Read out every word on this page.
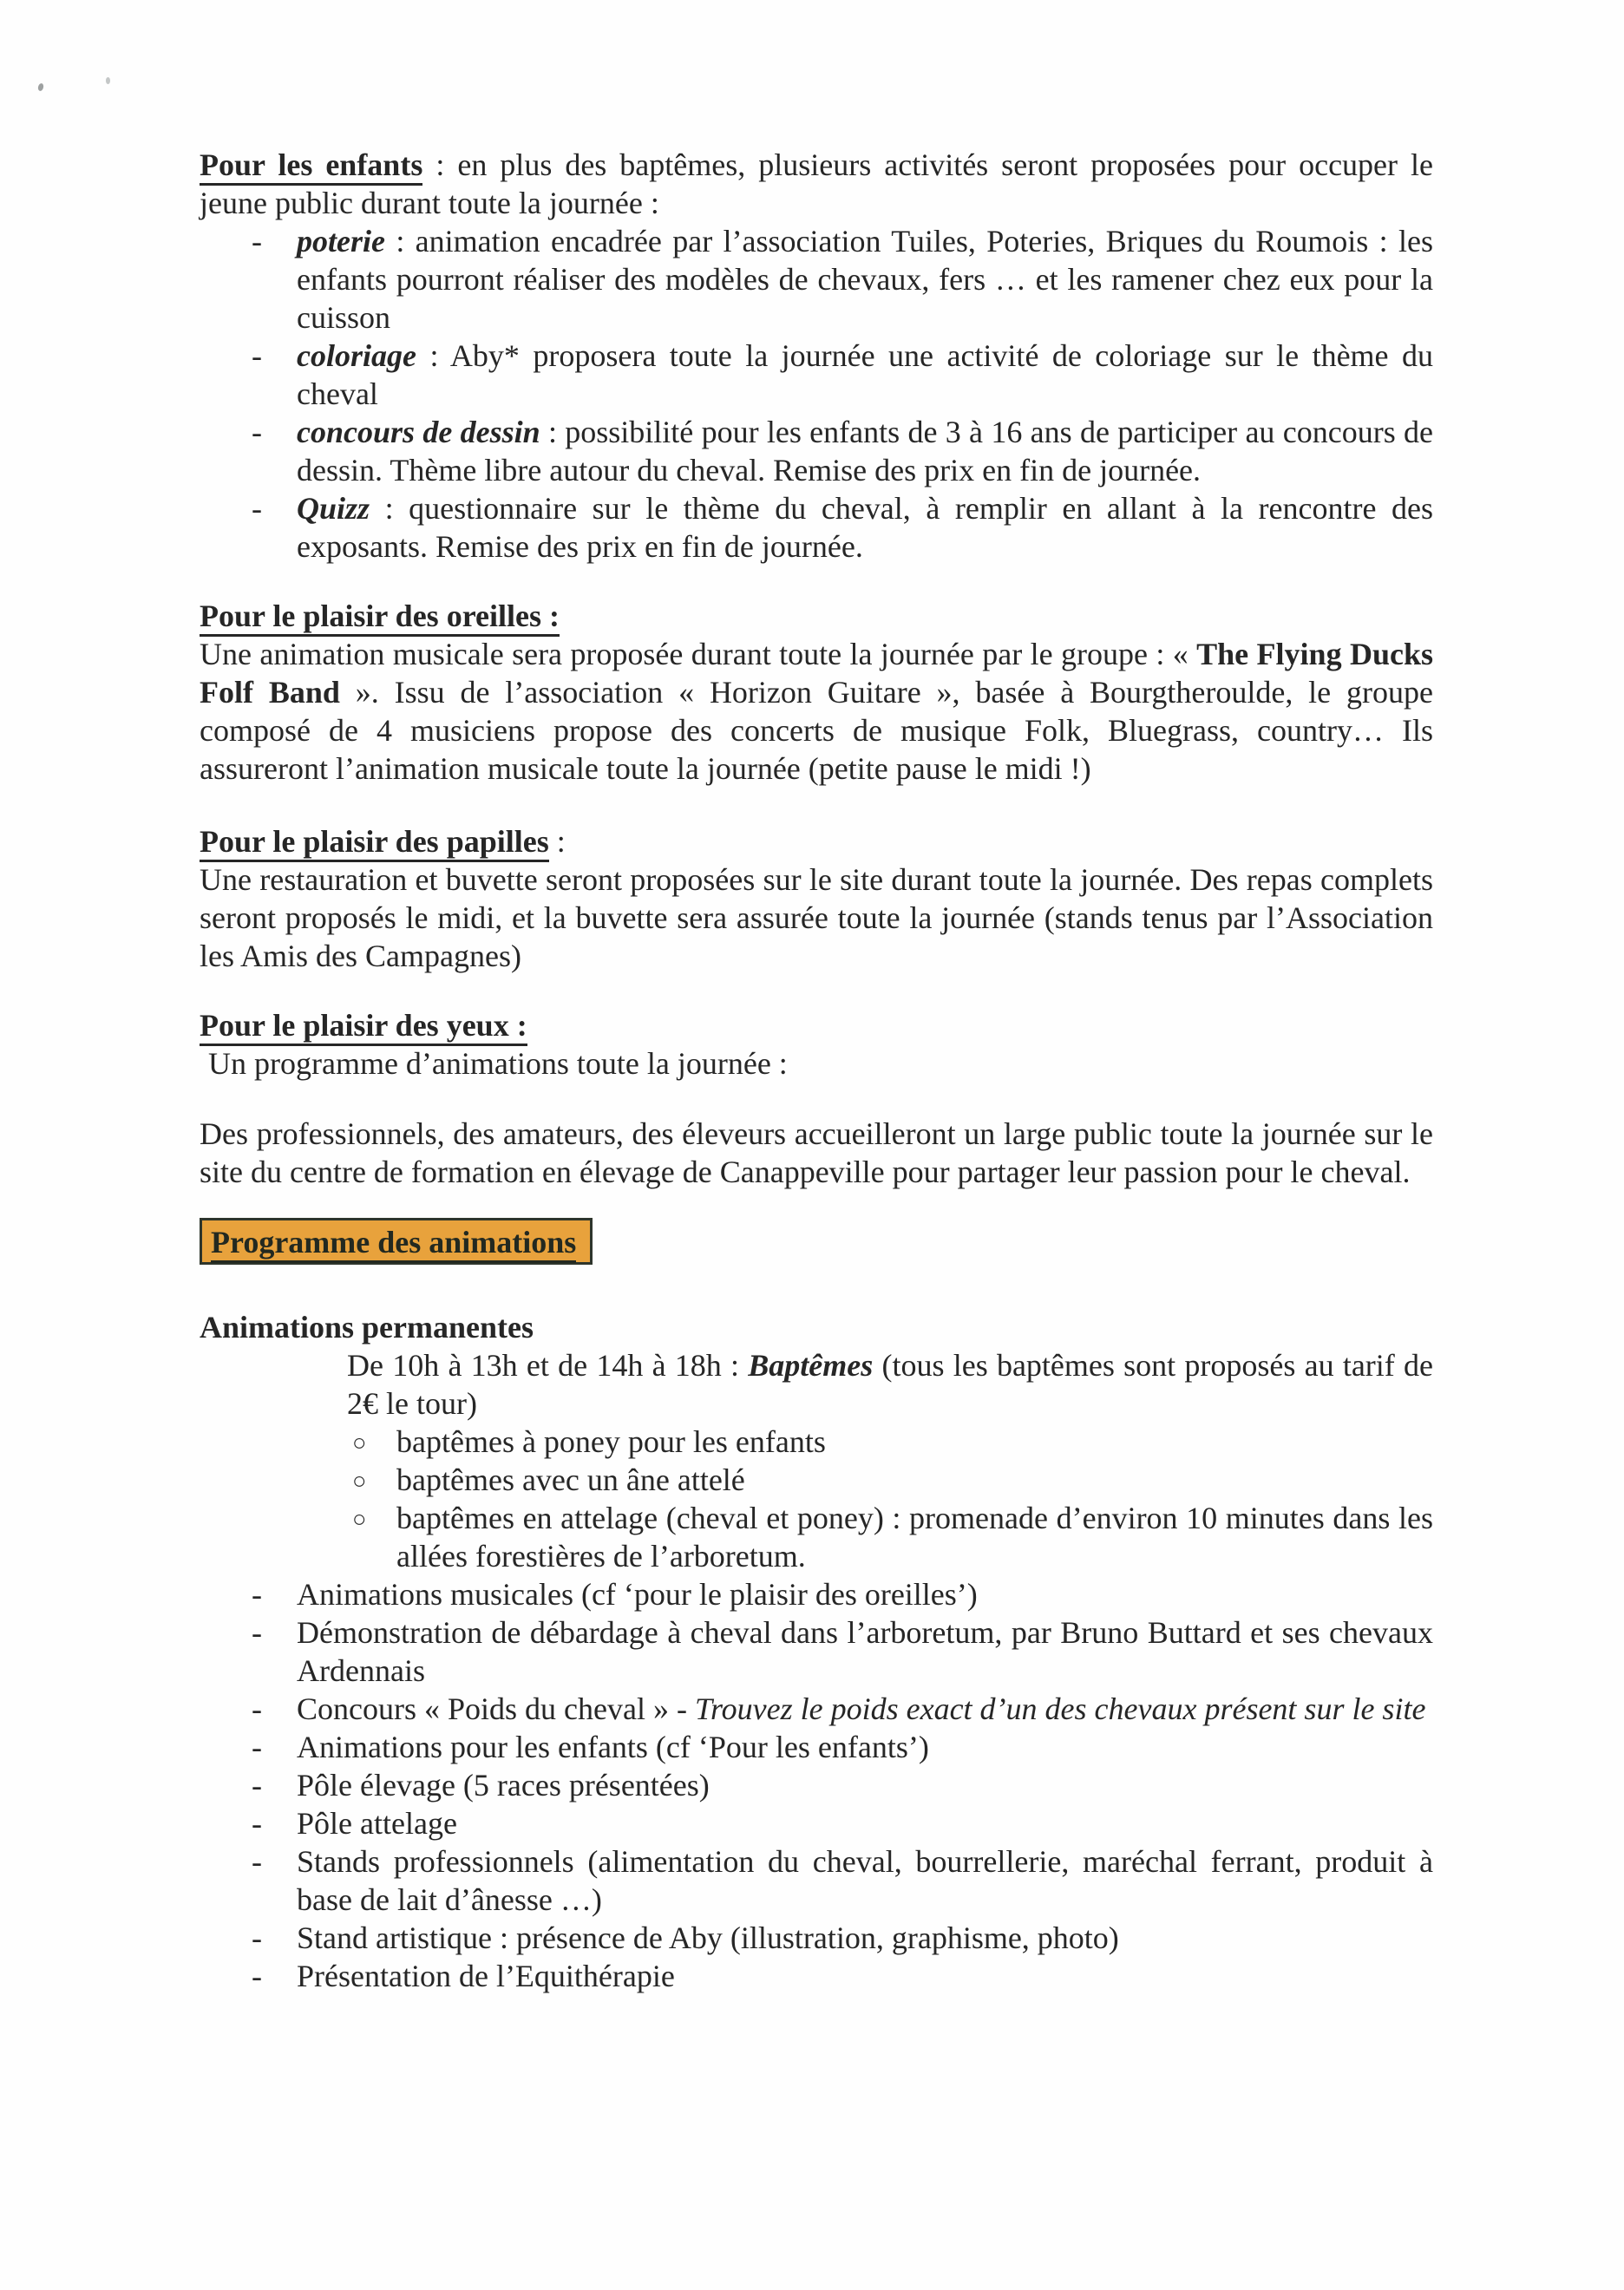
Pour les enfants : en plus des baptêmes, plusieurs activités seront proposées pour occuper le jeune public durant toute la journée :
- poterie : animation encadrée par l’association Tuiles, Poteries, Briques du Roumois : les enfants pourront réaliser des modèles de chevaux, fers … et les ramener chez eux pour la cuisson
- coloriage : Aby* proposera toute la journée une activité de coloriage sur le thème du cheval
- concours de dessin : possibilité pour les enfants de 3 à 16 ans de participer au concours de dessin. Thème libre autour du cheval. Remise des prix en fin de journée.
- Quizz : questionnaire sur le thème du cheval, à remplir en allant à la rencontre des exposants. Remise des prix en fin de journée.
Pour le plaisir des oreilles :
Une animation musicale sera proposée durant toute la journée par le groupe : « The Flying Ducks Folf Band ». Issu de l’association « Horizon Guitare », basée à Bourgtheroulde, le groupe composé de 4 musiciens propose des concerts de musique Folk, Bluegrass, country… Ils assureront l’animation musicale toute la journée (petite pause le midi !)
Pour le plaisir des papilles :
Une restauration et buvette seront proposées sur le site durant toute la journée. Des repas complets seront proposés le midi, et la buvette sera assurée toute la journée (stands tenus par l’Association les Amis des Campagnes)
Pour le plaisir des yeux :
Un programme d’animations toute la journée :
Des professionnels, des amateurs, des éleveurs accueilleront un large public toute la journée sur le site du centre de formation en élevage de Canappeville pour partager leur passion pour le cheval.
Programme des animations
Animations permanentes
De 10h à 13h et de 14h à 18h : Baptêmes (tous les baptêmes sont proposés au tarif de 2€ le tour)
○ baptêmes à poney pour les enfants
○ baptêmes avec un âne attelé
○ baptêmes en attelage (cheval et poney) : promenade d’environ 10 minutes dans les allées forestières de l’arboretum.
- Animations musicales (cf ‘pour le plaisir des oreilles’)
- Démonstration de débardage à cheval dans l’arboretum, par Bruno Buttard et ses chevaux Ardennais
- Concours « Poids du cheval » - Trouvez le poids exact d’un des chevaux présent sur le site
- Animations pour les enfants (cf ‘Pour les enfants’)
- Pôle élevage (5 races présentées)
- Pôle attelage
- Stands professionnels (alimentation du cheval, bourrellerie, maréchal ferrant, produit à base de lait d’ânesse …)
- Stand artistique : présence de Aby (illustration, graphisme, photo)
- Présentation de l’Equithérapie
